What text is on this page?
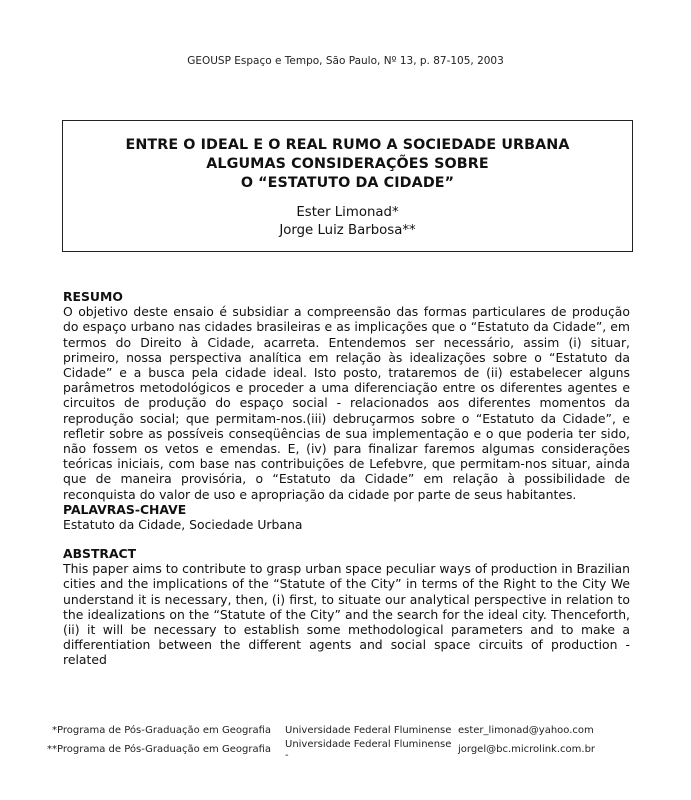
GEOUSP Espaço e Tempo, São Paulo, Nº 13, p. 87-105, 2003
ENTRE O IDEAL E O REAL RUMO A SOCIEDADE URBANA
ALGUMAS CONSIDERAÇÕES SOBRE
O “ESTATUTO DA CIDADE”
Ester Limonad*
Jorge Luiz Barbosa**
RESUMO
O objetivo deste ensaio é subsidiar a compreensão das formas particulares de produção do espaço urbano nas cidades brasileiras e as implicações que o “Estatuto da Cidade”, em termos do Direito à Cidade, acarreta. Entendemos ser necessário, assim (i) situar, primeiro, nossa perspectiva analítica em relação às idealizações sobre o “Estatuto da Cidade” e a busca pela cidade ideal. Isto posto, trataremos de (ii) estabelecer alguns parâmetros metodológicos e proceder a uma diferenciação entre os diferentes agentes e circuitos de produção do espaço social - relacionados aos diferentes momentos da reprodução social; que permitam-nos.(iii) debruçarmos sobre o “Estatuto da Cidade”, e refletir sobre as possíveis conseqüências de sua implementação e o que poderia ter sido, não fossem os vetos e emendas. E, (iv) para finalizar faremos algumas considerações teóricas iniciais, com base nas contribuições de Lefebvre, que permitam-nos situar, ainda que de maneira provisória, o “Estatuto da Cidade” em relação à possibilidade de reconquista do valor de uso e apropriação da cidade por parte de seus habitantes.
PALAVRAS-CHAVE
Estatuto da Cidade, Sociedade Urbana
ABSTRACT
This paper aims to contribute to grasp urban space peculiar ways of production in Brazilian cities and the implications of the “Statute of the City” in terms of the Right to the City We understand it is necessary, then, (i) first, to situate our analytical perspective in relation to the idealizations on the “Statute of the City” and the search for the ideal city. Thenceforth, (ii) it will be necessary to establish some methodological parameters and to make a differentiation between the different agents and social space circuits of production - related
*Programa de Pós-Graduação em Geografia	Universidade Federal Fluminense ester_limonad@yahoo.com
**Programa de Pós-Graduação em Geografia	Universidade Federal Fluminense -	jorgel@bc.microlink.com.br
